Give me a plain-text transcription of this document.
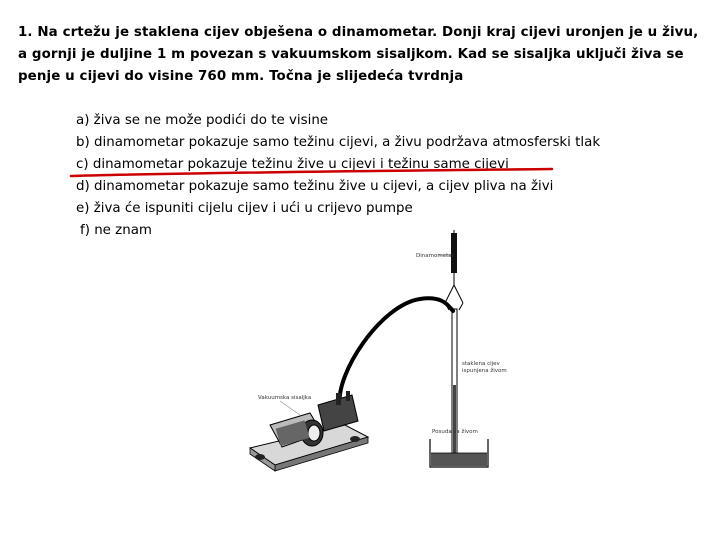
1. Na crtežu je staklena cijev obješena o dinamometar. Donji kraj cijevi uronjen je u živu, a gornji je duljine 1 m povezan s vakuumskom sisaljkom. Kad se sisaljka uključi živa se penje u cijevi do visine 760 mm. Točna je slijedeća tvrdnja
a) živa se ne može podići do te visine
b) dinamometar pokazuje samo težinu cijevi, a živu podržava atmosferski tlak
c) dinamometar pokazuje težinu žive u cijevi i težinu same cijevi
d) dinamometar pokazuje samo težinu žive u cijevi, a cijev pliva na živi
e) živa će ispuniti cijelu cijev i ući u crijevo pumpe
f) ne znam
Dinamometar
staklena cijev
ispunjena živom
Posuda sa živom
Vakuumska sisaljka
